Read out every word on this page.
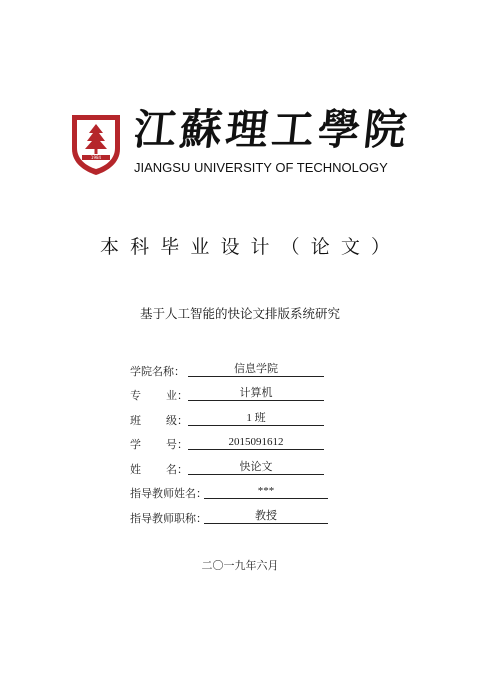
1984
江
蘇
理
工
學
院
JIANGSU UNIVERSITY OF TECHNOLOGY
本 科 毕 业 设 计 （ 论 文 ）
基于人工智能的快论文排版系统研究
学院名称：	信息学院
专 业：	计算机
班 级：	1 班
学 号：	2015091612
姓 名：	快论文
指导教师姓名：	***
指导教师职称：	教授
二〇一九年六月
